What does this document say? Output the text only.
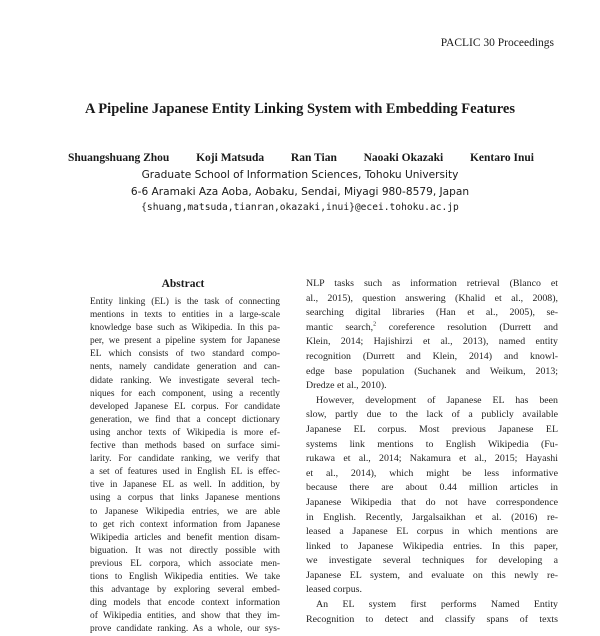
PACLIC 30 Proceedings
A Pipeline Japanese Entity Linking System with Embedding Features
Shuangshuang Zhou Koji Matsuda Ran Tian Naoaki Okazaki Kentaro Inui
Graduate School of Information Sciences, Tohoku University
6-6 Aramaki Aza Aoba, Aobaku, Sendai, Miyagi 980-8579, Japan
{shuang,matsuda,tianran,okazaki,inui}@ecei.tohoku.ac.jp
Abstract
Entity linking (EL) is the task of connecting
mentions in texts to entities in a large-scale
knowledge base such as Wikipedia. In this pa-
per, we present a pipeline system for Japanese
EL which consists of two standard compo-
nents, namely candidate generation and can-
didate ranking. We investigate several tech-
niques for each component, using a recently
developed Japanese EL corpus. For candidate
generation, we find that a concept dictionary
using anchor texts of Wikipedia is more ef-
fective than methods based on surface simi-
larity. For candidate ranking, we verify that
a set of features used in English EL is effec-
tive in Japanese EL as well. In addition, by
using a corpus that links Japanese mentions
to Japanese Wikipedia entries, we are able
to get rich context information from Japanese
Wikipedia articles and benefit mention disam-
biguation. It was not directly possible with
previous EL corpora, which associate men-
tions to English Wikipedia entities. We take
this advantage by exploring several embed-
ding models that encode context information
of Wikipedia entities, and show that they im-
prove candidate ranking. As a whole, our sys-
NLP tasks such as information retrieval (Blanco et
al., 2015), question answering (Khalid et al., 2008),
searching digital libraries (Han et al., 2005), se-
mantic search,$^2$ coreference resolution (Durrett and
Klein, 2014; Hajishirzi et al., 2013), named entity
recognition (Durrett and Klein, 2014) and knowl-
edge base population (Suchanek and Weikum, 2013;
Dredze et al., 2010).
However, development of Japanese EL has been
slow, partly due to the lack of a publicly available
Japanese EL corpus. Most previous Japanese EL
systems link mentions to English Wikipedia (Fu-
rukawa et al., 2014; Nakamura et al., 2015; Hayashi
et al., 2014), which might be less informative
because there are about 0.44 million articles in
Japanese Wikipedia that do not have correspondence
in English. Recently, Jargalsaikhan et al. (2016) re-
leased a Japanese EL corpus in which mentions are
linked to Japanese Wikipedia entries. In this paper,
we investigate several techniques for developing a
Japanese EL system, and evaluate on this newly re-
leased corpus.
An EL system first performs Named Entity
Recognition to detect and classify spans of texts
